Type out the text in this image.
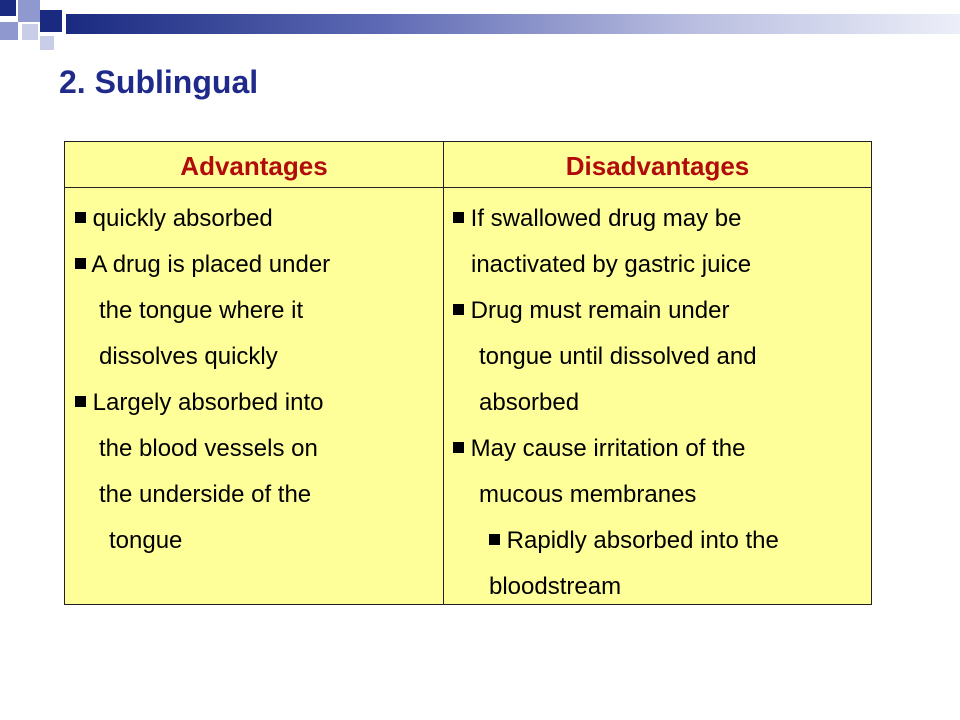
2. Sublingual
Advantages	Disadvantages
quickly absorbed
A drug is placed under
the tongue where it
dissolves quickly
Largely absorbed into
the blood vessels on
the underside of the
tongue
If swallowed drug may be
inactivated by gastric juice
Drug must remain under
tongue until dissolved and
absorbed
May cause irritation of the
mucous membranes
Rapidly absorbed into the
bloodstream
